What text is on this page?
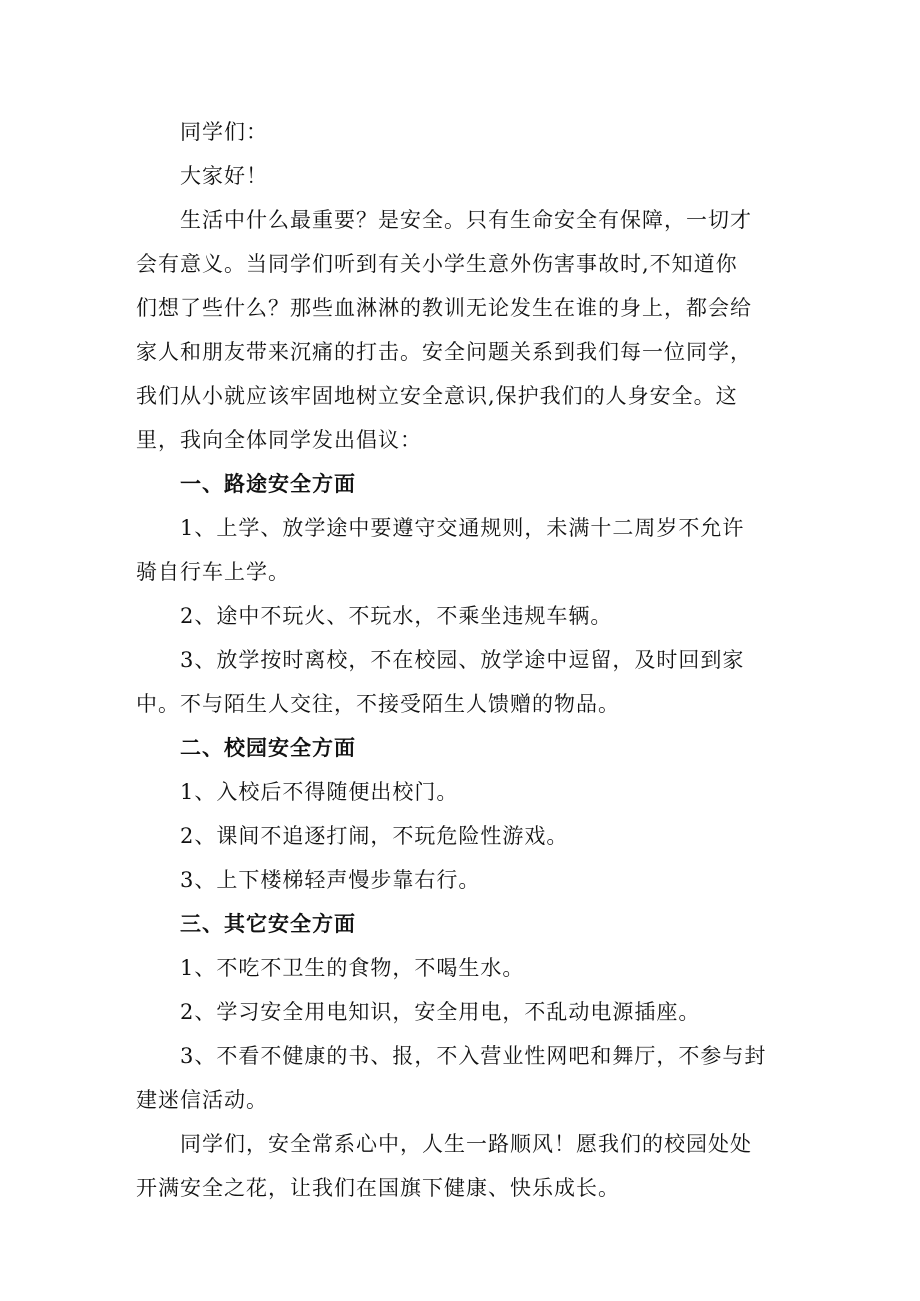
同学们：

大家好！

生活中什么最重要？是安全。只有生命安全有保障，一切才

会有意义。当同学们听到有关小学生意外伤害事故时,不知道你

们想了些什么？那些血淋淋的教训无论发生在谁的身上，都会给

家人和朋友带来沉痛的打击。安全问题关系到我们每一位同学，

我们从小就应该牢固地树立安全意识,保护我们的人身安全。这

里，我向全体同学发出倡议：

一、路途安全方面

1、上学、放学途中要遵守交通规则，未满十二周岁不允许

骑自行车上学。

2、途中不玩火、不玩水，不乘坐违规车辆。

3、放学按时离校，不在校园、放学途中逗留，及时回到家

中。不与陌生人交往，不接受陌生人馈赠的物品。

二、校园安全方面

1、入校后不得随便出校门。

2、课间不追逐打闹，不玩危险性游戏。

3、上下楼梯轻声慢步靠右行。

三、其它安全方面

1、不吃不卫生的食物，不喝生水。

2、学习安全用电知识，安全用电，不乱动电源插座。

3、不看不健康的书、报，不入营业性网吧和舞厅，不参与封

建迷信活动。

同学们，安全常系心中，人生一路顺风！愿我们的校园处处

开满安全之花，让我们在国旗下健康、快乐成长。
